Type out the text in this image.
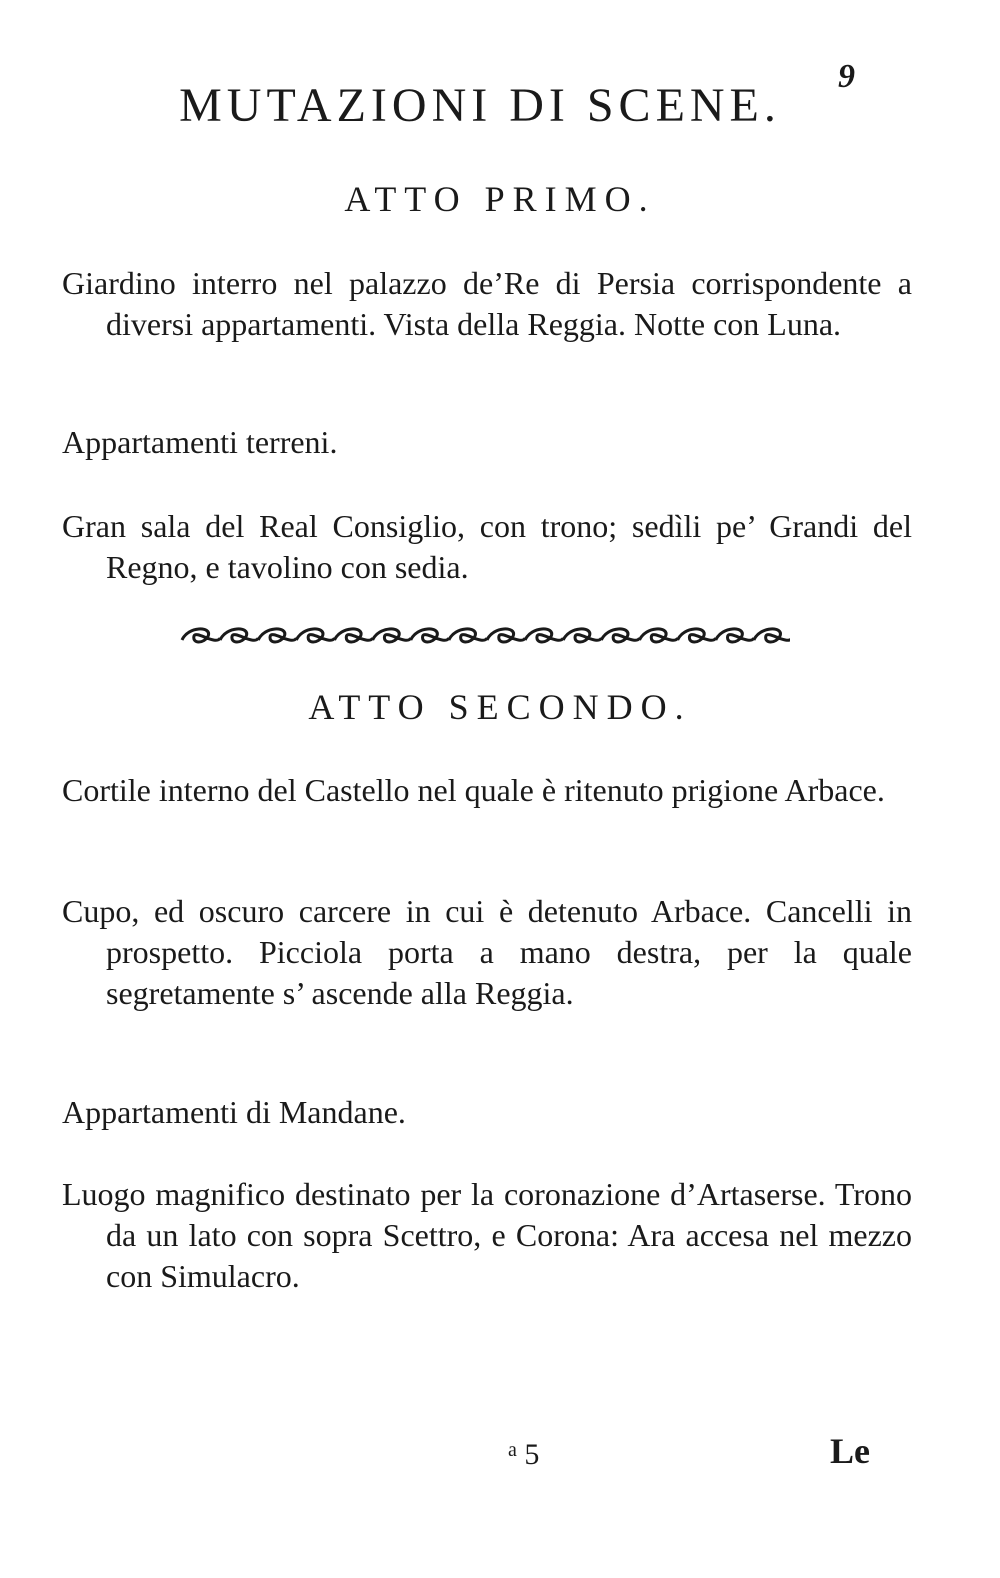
9
MUTAZIONI DI SCENE.
ATTO PRIMO.

Giardino interro nel palazzo de’Re di Persia corrispondente a diversi appartamenti. Vista della Reggia. Notte con Luna.

Appartamenti terreni.

Gran sala del Real Consiglio, con trono; sedìli pe’ Grandi del Regno, e tavolino con sedia.

ATTO SECONDO.

Cortile interno del Castello nel quale è ritenuto prigione Arbace.

Cupo, ed oscuro carcere in cui è detenuto Arbace. Cancelli in prospetto. Picciola porta a mano destra, per la quale segretamente s’ ascende alla Reggia.

Appartamenti di Mandane.

Luogo magnifico destinato per la coronazione d’Artaserse. Trono da un lato con sopra Scettro, e Corona: Ara accesa nel mezzo con Simulacro.

$^a$ 5	Le
